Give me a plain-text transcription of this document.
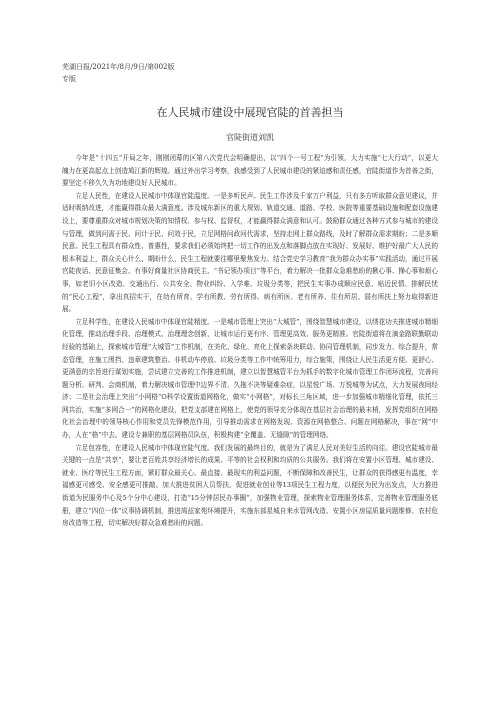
芜湖日报/2021年/8月/9日/第002版
专版
在人民城市建设中展现官陡的首善担当
官陡街道刘凯

今年是“十四五”开局之年，刚刚闭幕的区第八次党代会明确提出，以“四个一号工程”为引领，大力实施“七大行动”，以更大魄力在更高起点上创造鸠江新的辉煌。通过外出学习考察，我感受到了人民城市建设的紧迫感和责任感，官陡街道作为首善之街，要坚定不移久久为功地建设好人民城市。

立足人民性，在建设人民城市中体现官陡温度。一是多听民声。民生工作涉及千家万户利益，只有多方听取群众意见建议，并适时吸纳改进，才能赢得群众最大满意度。涉及城东新区的重大规划、轨道交通、道路、学校、医院等重要基础设施和配套设施建设上，要尊重群众对城市规划决策的知情权、参与权、监督权，才能赢得群众满意和认可。鼓励群众通过各种方式参与城市的建设与管理，做到问需于民、问计于民、问效于民，立足网格问政问代需求，坚持走网上群众路线，及时了解群众需求期盼；二是多顺民意。民生工程具有群众性、普惠性，要求我们必须始终把一切工作的出发点和落脚点放在实现好、发展好、维护好最广大人民的根本利益上，群众关心什么、期盼什么，民生工程就要往哪里聚焦发力。结合党史学习教育“我为群众办实事”实践活动，通过开展官陡夜话、民意征集会、有事好商量社区协商民主、“书记领办项目”等平台，着力解决一批群众急难愁盼的揪心事、操心事和烦心事，如老旧小区改造、交通出行、公共安全、物业纠纷、入学难、垃圾分类等，把民生实事办成顺应民意、贴近民情、排解民忧的“民心工程”，拿出真招实干，在幼有所育、学有所教、劳有所得、病有所医、老有所养、住有所居、弱有所扶上努力取得新进展。

立足科学性，在建设人民城市中体现官陡精度。一是城市管理上突出“大城管”，围绕智慧城市建设，以绣花功夫推进城市精细化管理，推动治理手段、治理模式、治理理念创新，让城市运行更有序、管理更高效、服务更精准。官陡街道将在滴金路联勤联动经验的基础上，探索城市管理“大城管”工作机制，在美化、绿化、亮化上探索条块联动、协同管理机制，同步发力、综合提升，常态管理，在施工围挡、违章建筑整治、非机动车停放、垃圾分类等工作中统筹用力，综合施策，围绕让人民生活更方便、更舒心、更满意的宗旨进行谋划实施，尝试建立完善的工作推进机制，建立以智慧城管平台为抓手的数字化城市管理工作闭环流程，完善问题分析、研判、会商机制，着力解决城市管理中边界不清、久拖不决等疑难杂症，以星悦广场、万悦城等为试点，大力发展夜间经济；二是社会治理上突出“小网格”O科学设置街道网格化，做实“小网格”，对标长三角区域，进一步加强城市精细化管理，依托三网共治，实施“多网合一”的网格化建设，把党支部建在网格上，使党的领导充分体现在基层社会治理的最末梢，发挥党组织在网格化社会治理中的领导核心作用和党员先锋模范作用，引导推动需求在网格发现、资源在网格整合、问题在网格解决，事在“网”中办，人在“格”中去。建设专兼职的基层网格员队伍，积极构建“全覆盖、无缝隙”的管理网络。

立足包容性，在建设人民城市中体现官陡气度。我们发展的最终目的，就是为了满足人民对美好生活的向往。建设官陡城市最关键的一点是“共享”，要让老百姓共享经济增长的成果、平等的社会权利和均质的公共服务。我们将在安置小区管理、城市建设、就业、医疗等民生工程方面，紧盯群众最关心、最直接、最现实的利益问题，不断保障和改善民生，让群众的获得感更有温度，幸福感更可感受、安全感更可推敲。加大推进贫困人员帮扶、促进就业创业等13项民生工程力度，以便民为民为出发点，大力推进街道为民服务中心及5个分中心建设，打造“15分钟居民办事圈”，加强物业管理，探索物业管理服务体系，完善物业管理服务底册，建立“四位一体”议事协调机制，推进鸠兹家苑环境提升，实施东部星城自来水管网改造、安置小区房屋质量问题维修、农村危房改造等工程，切实解决好群众急难愁盼的问题。
